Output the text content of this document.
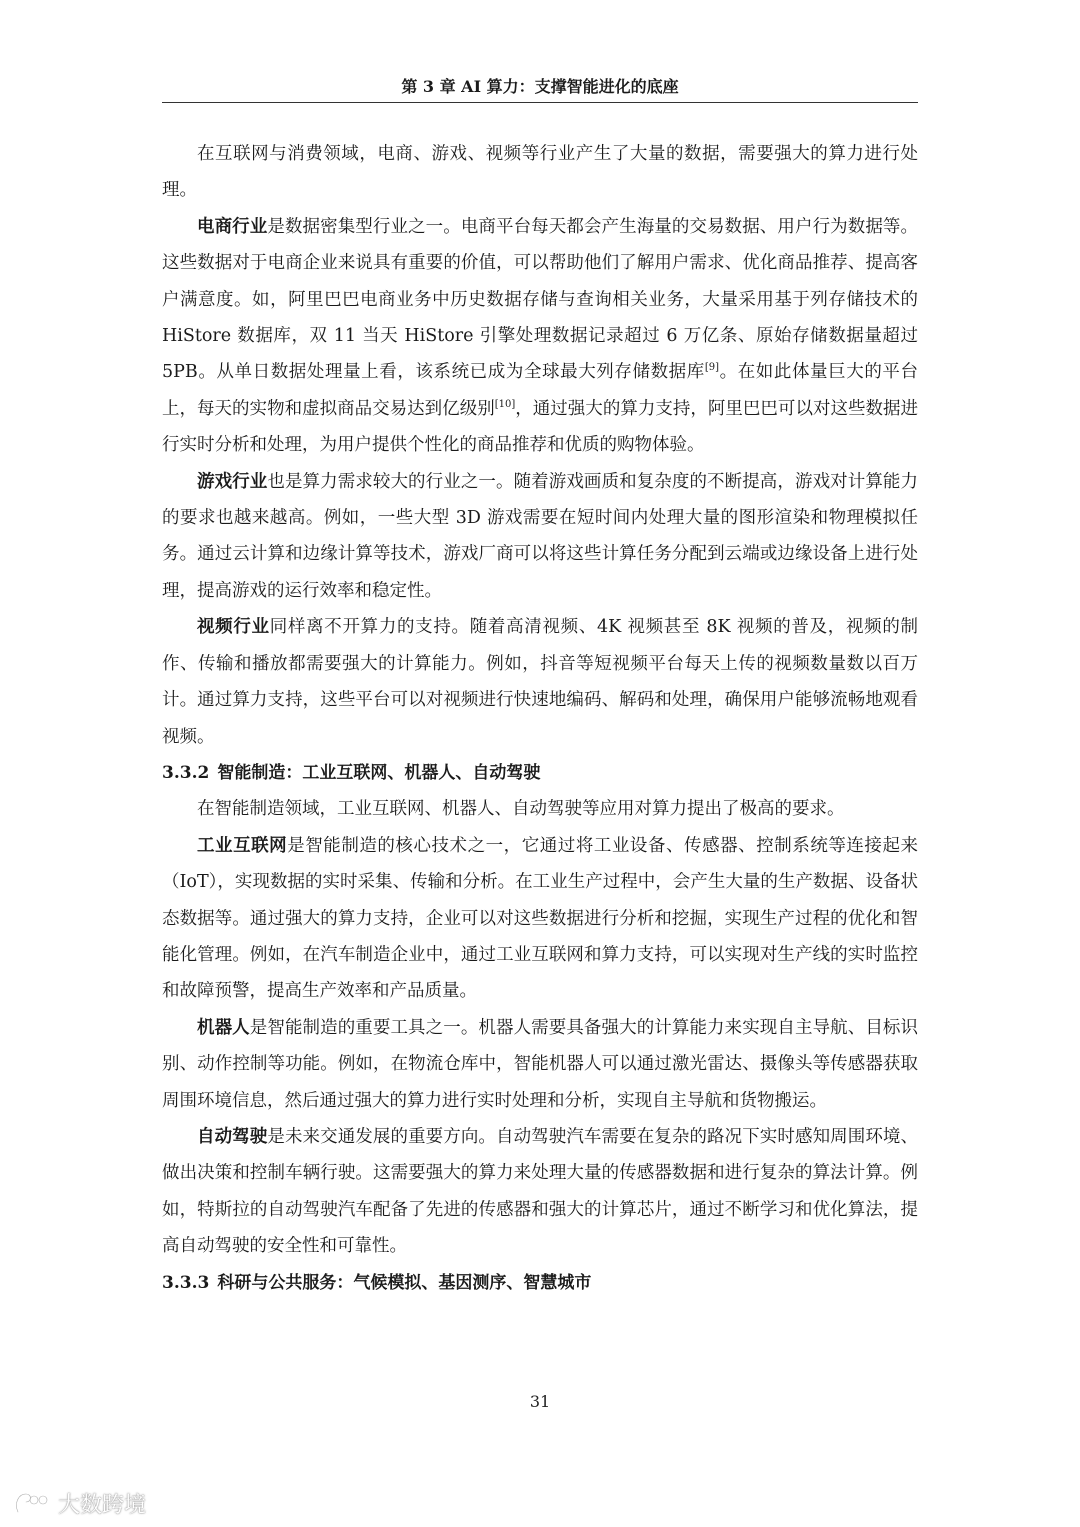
第 3 章 AI 算力：支撑智能进化的底座

在互联网与消费领域，电商、游戏、视频等行业产生了大量的数据，需要强大的算力进行处理。

电商行业是数据密集型行业之一。电商平台每天都会产生海量的交易数据、用户行为数据等。这些数据对于电商企业来说具有重要的价值，可以帮助他们了解用户需求、优化商品推荐、提高客户满意度。如，阿里巴巴电商业务中历史数据存储与查询相关业务，大量采用基于列存储技术的 HiStore 数据库，双 11 当天 HiStore 引擎处理数据记录超过 6 万亿条、原始存储数据量超过 5PB。从单日数据处理量上看，该系统已成为全球最大列存储数据库[9]。在如此体量巨大的平台上，每天的实物和虚拟商品交易达到亿级别[10]，通过强大的算力支持，阿里巴巴可以对这些数据进行实时分析和处理，为用户提供个性化的商品推荐和优质的购物体验。

游戏行业也是算力需求较大的行业之一。随着游戏画质和复杂度的不断提高，游戏对计算能力的要求也越来越高。例如，一些大型 3D 游戏需要在短时间内处理大量的图形渲染和物理模拟任务。通过云计算和边缘计算等技术，游戏厂商可以将这些计算任务分配到云端或边缘设备上进行处理，提高游戏的运行效率和稳定性。

视频行业同样离不开算力的支持。随着高清视频、4K 视频甚至 8K 视频的普及，视频的制作、传输和播放都需要强大的计算能力。例如，抖音等短视频平台每天上传的视频数量数以百万计。通过算力支持，这些平台可以对视频进行快速地编码、解码和处理，确保用户能够流畅地观看视频。

3.3.2 智能制造：工业互联网、机器人、自动驾驶

在智能制造领域，工业互联网、机器人、自动驾驶等应用对算力提出了极高的要求。

工业互联网是智能制造的核心技术之一，它通过将工业设备、传感器、控制系统等连接起来（IoT），实现数据的实时采集、传输和分析。在工业生产过程中，会产生大量的生产数据、设备状态数据等。通过强大的算力支持，企业可以对这些数据进行分析和挖掘，实现生产过程的优化和智能化管理。例如，在汽车制造企业中，通过工业互联网和算力支持，可以实现对生产线的实时监控和故障预警，提高生产效率和产品质量。

机器人是智能制造的重要工具之一。机器人需要具备强大的计算能力来实现自主导航、目标识别、动作控制等功能。例如，在物流仓库中，智能机器人可以通过激光雷达、摄像头等传感器获取周围环境信息，然后通过强大的算力进行实时处理和分析，实现自主导航和货物搬运。

自动驾驶是未来交通发展的重要方向。自动驾驶汽车需要在复杂的路况下实时感知周围环境、做出决策和控制车辆行驶。这需要强大的算力来处理大量的传感器数据和进行复杂的算法计算。例如，特斯拉的自动驾驶汽车配备了先进的传感器和强大的计算芯片，通过不断学习和优化算法，提高自动驾驶的安全性和可靠性。

3.3.3 科研与公共服务：气候模拟、基因测序、智慧城市

31
大数跨境
